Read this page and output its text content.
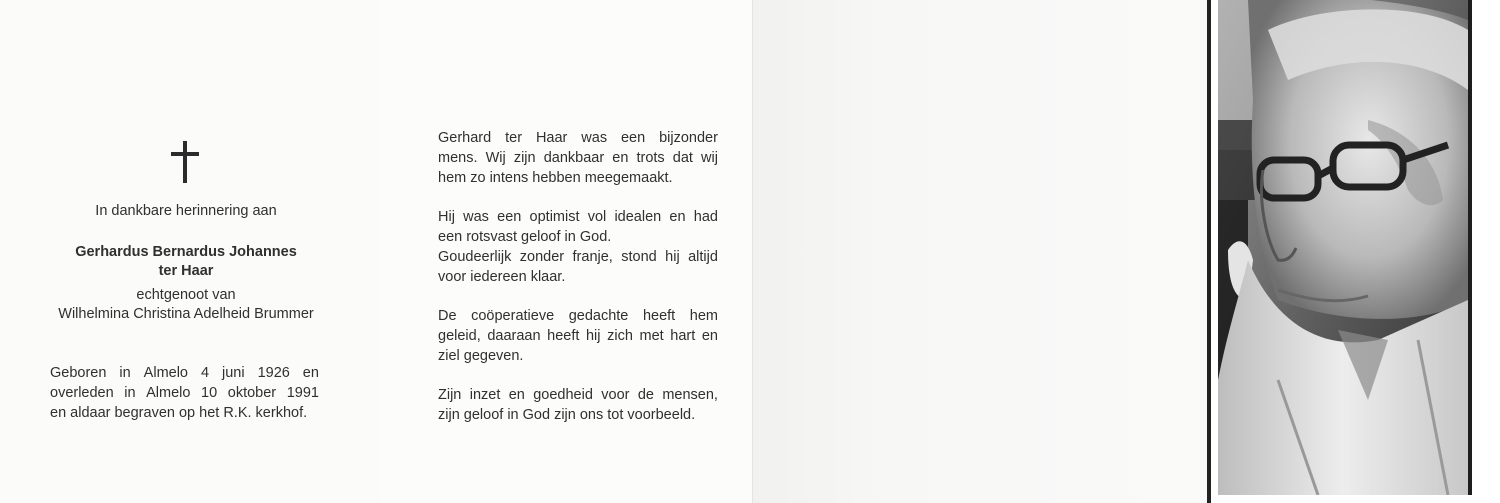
In dankbare herinnering aan
Gerhardus Bernardus Johannes
ter Haar
echtgenoot van
Wilhelmina Christina Adelheid Brummer
Geboren in Almelo 4 juni 1926 en
overleden in Almelo 10 oktober 1991
en aldaar begraven op het R.K. kerkhof.
Gerhard ter Haar was een bijzonder
mens. Wij zijn dankbaar en trots dat wij
hem zo intens hebben meegemaakt.
Hij was een optimist vol idealen en had
een rotsvast geloof in God.
Goudeerlijk zonder franje, stond hij altijd
voor iedereen klaar.
De coöperatieve gedachte heeft hem
geleid, daaraan heeft hij zich met hart en
ziel gegeven.
Zijn inzet en goedheid voor de mensen,
zijn geloof in God zijn ons tot voorbeeld.
